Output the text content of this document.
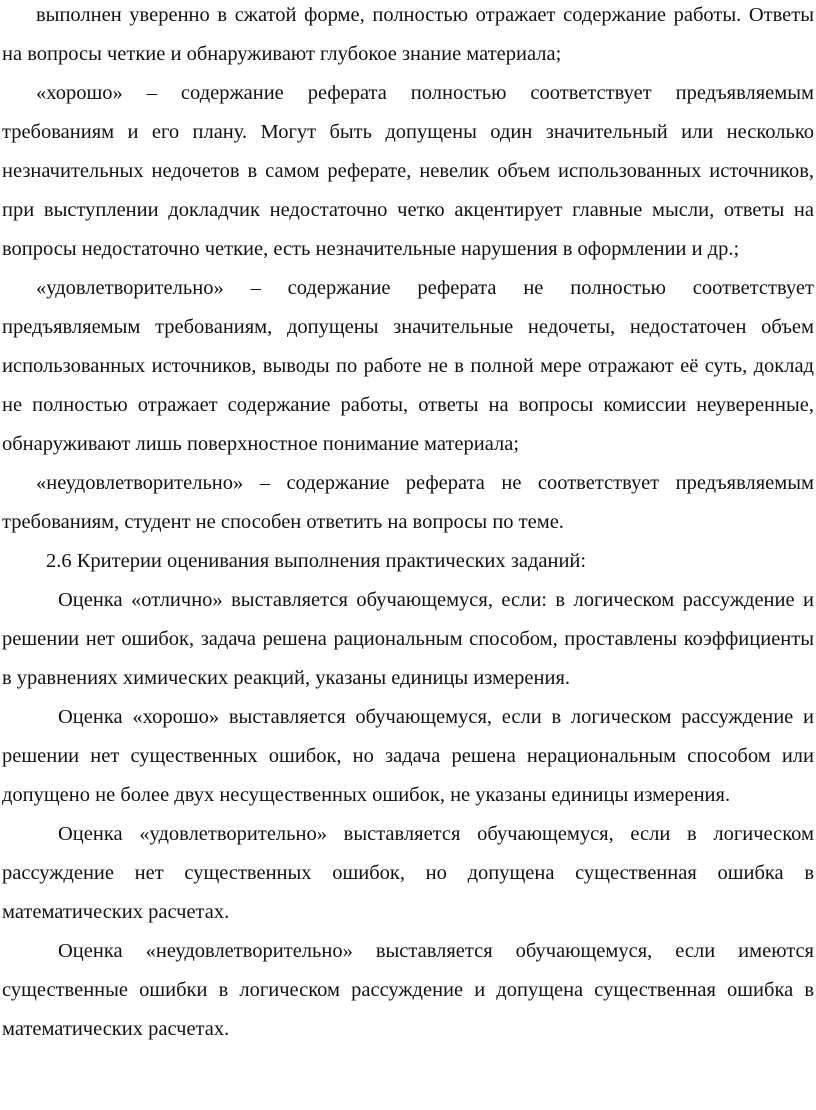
выполнен уверенно в сжатой форме, полностью отражает содержание работы. Ответы на вопросы четкие и обнаруживают глубокое знание материала;

«хорошо» – содержание реферата полностью соответствует предъявляемым требованиям и его плану. Могут быть допущены один значительный или несколько незначительных недочетов в самом реферате, невелик объем использованных источников, при выступлении докладчик недостаточно четко акцентирует главные мысли, ответы на вопросы недостаточно четкие, есть незначительные нарушения в оформлении и др.;

«удовлетворительно» – содержание реферата не полностью соответствует предъявляемым требованиям, допущены значительные недочеты, недостаточен объем использованных источников, выводы по работе не в полной мере отражают её суть, доклад не полностью отражает содержание работы, ответы на вопросы комиссии неуверенные, обнаруживают лишь поверхностное понимание материала;

«неудовлетворительно» – содержание реферата не соответствует предъявляемым требованиям, студент не способен ответить на вопросы по теме.

2.6 Критерии оценивания выполнения практических заданий:

Оценка «отлично» выставляется обучающемуся, если: в логическом рассуждение и решении нет ошибок, задача решена рациональным способом, проставлены коэффициенты в уравнениях химических реакций, указаны единицы измерения.

Оценка «хорошо» выставляется обучающемуся, если в логическом рассуждение и решении нет существенных ошибок, но задача решена нерациональным способом или допущено не более двух несущественных ошибок, не указаны единицы измерения.

Оценка «удовлетворительно» выставляется обучающемуся, если в логическом рассуждение нет существенных ошибок, но допущена существенная ошибка в математических расчетах.

Оценка «неудовлетворительно» выставляется обучающемуся, если имеются существенные ошибки в логическом рассуждение и допущена существенная ошибка в математических расчетах.
